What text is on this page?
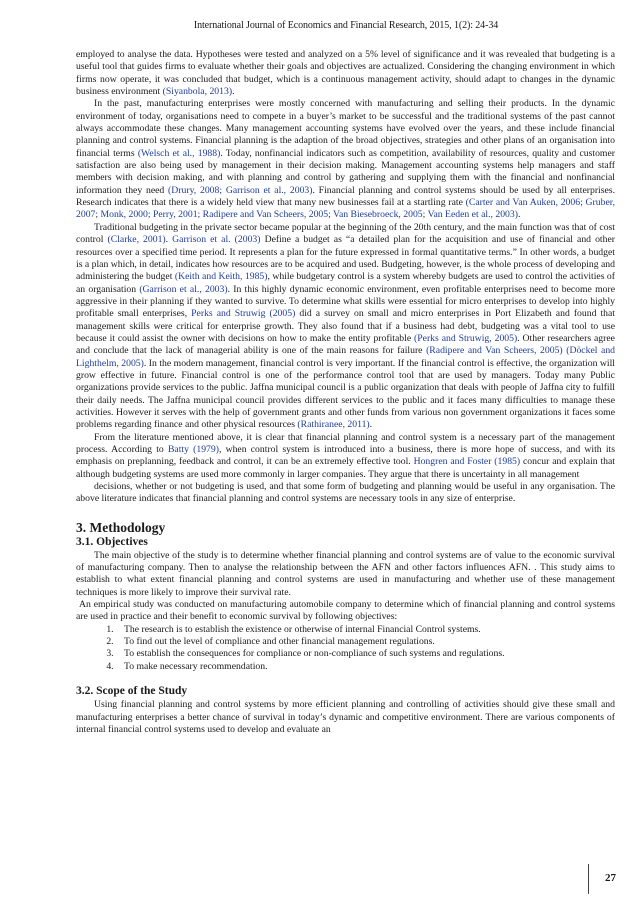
International Journal of Economics and Financial Research, 2015, 1(2): 24-34

employed to analyse the data. Hypotheses were tested and analyzed on a 5% level of significance and it was revealed that budgeting is a useful tool that guides firms to evaluate whether their goals and objectives are actualized. Considering the changing environment in which firms now operate, it was concluded that budget, which is a continuous management activity, should adapt to changes in the dynamic business environment (Siyanbola, 2013).

In the past, manufacturing enterprises were mostly concerned with manufacturing and selling their products. In the dynamic environment of today, organisations need to compete in a buyer’s market to be successful and the traditional systems of the past cannot always accommodate these changes. Many management accounting systems have evolved over the years, and these include financial planning and control systems. Financial planning is the adaption of the broad objectives, strategies and other plans of an organisation into financial terms (Welsch et al., 1988). Today, nonfinancial indicators such as competition, availability of resources, quality and customer satisfaction are also being used by management in their decision making. Management accounting systems help managers and staff members with decision making, and with planning and control by gathering and supplying them with the financial and nonfinancial information they need (Drury, 2008; Garrison et al., 2003). Financial planning and control systems should be used by all enterprises. Research indicates that there is a widely held view that many new businesses fail at a startling rate (Carter and Van Auken, 2006; Gruber, 2007; Monk, 2000; Perry, 2001; Radipere and Van Scheers, 2005; Van Biesebroeck, 2005; Van Eeden et al., 2003).

Traditional budgeting in the private sector became popular at the beginning of the 20th century, and the main function was that of cost control (Clarke, 2001). Garrison et al. (2003) Define a budget as “a detailed plan for the acquisition and use of financial and other resources over a specified time period. It represents a plan for the future expressed in formal quantitative terms.” In other words, a budget is a plan which, in detail, indicates how resources are to be acquired and used. Budgeting, however, is the whole process of developing and administering the budget (Keith and Keith, 1985), while budgetary control is a system whereby budgets are used to control the activities of an organisation (Garrison et al., 2003). In this highly dynamic economic environment, even profitable enterprises need to become more aggressive in their planning if they wanted to survive. To determine what skills were essential for micro enterprises to develop into highly profitable small enterprises, Perks and Struwig (2005) did a survey on small and micro enterprises in Port Elizabeth and found that management skills were critical for enterprise growth. They also found that if a business had debt, budgeting was a vital tool to use because it could assist the owner with decisions on how to make the entity profitable (Perks and Struwig, 2005). Other researchers agree and conclude that the lack of managerial ability is one of the main reasons for failure (Radipere and Van Scheers, 2005) (Döckel and Lighthelm, 2005). In the modern management, financial control is very important. If the financial control is effective, the organization will grow effective in future. Financial control is one of the performance control tool that are used by managers. Today many Public organizations provide services to the public. Jaffna municipal council is a public organization that deals with people of Jaffna city to fulfill their daily needs. The Jaffna municipal council provides different services to the public and it faces many difficulties to manage these activities. However it serves with the help of government grants and other funds from various non government organizations it faces some problems regarding finance and other physical resources (Rathiranee, 2011).

From the literature mentioned above, it is clear that financial planning and control system is a necessary part of the management process. According to Batty (1979), when control system is introduced into a business, there is more hope of success, and with its emphasis on preplanning, feedback and control, it can be an extremely effective tool. Hongren and Foster (1985) concur and explain that although budgeting systems are used more commonly in larger companies. They argue that there is uncertainty in all management

decisions, whether or not budgeting is used, and that some form of budgeting and planning would be useful in any organisation. The above literature indicates that financial planning and control systems are necessary tools in any size of enterprise.

3. Methodology
3.1. Objectives

The main objective of the study is to determine whether financial planning and control systems are of value to the economic survival of manufacturing company. Then to analyse the relationship between the AFN and other factors influences AFN. . This study aims to establish to what extent financial planning and control systems are used in manufacturing and whether use of these management techniques is more likely to improve their survival rate.

An empirical study was conducted on manufacturing automobile company to determine which of financial planning and control systems are used in practice and their benefit to economic survival by following objectives:

1. The research is to establish the existence or otherwise of internal Financial Control systems.
2. To find out the level of compliance and other financial management regulations.
3. To establish the consequences for compliance or non-compliance of such systems and regulations.
4. To make necessary recommendation.
3.2. Scope of the Study

Using financial planning and control systems by more efficient planning and controlling of activities should give these small and manufacturing enterprises a better chance of survival in today’s dynamic and competitive environment. There are various components of internal financial control systems used to develop and evaluate an

27
